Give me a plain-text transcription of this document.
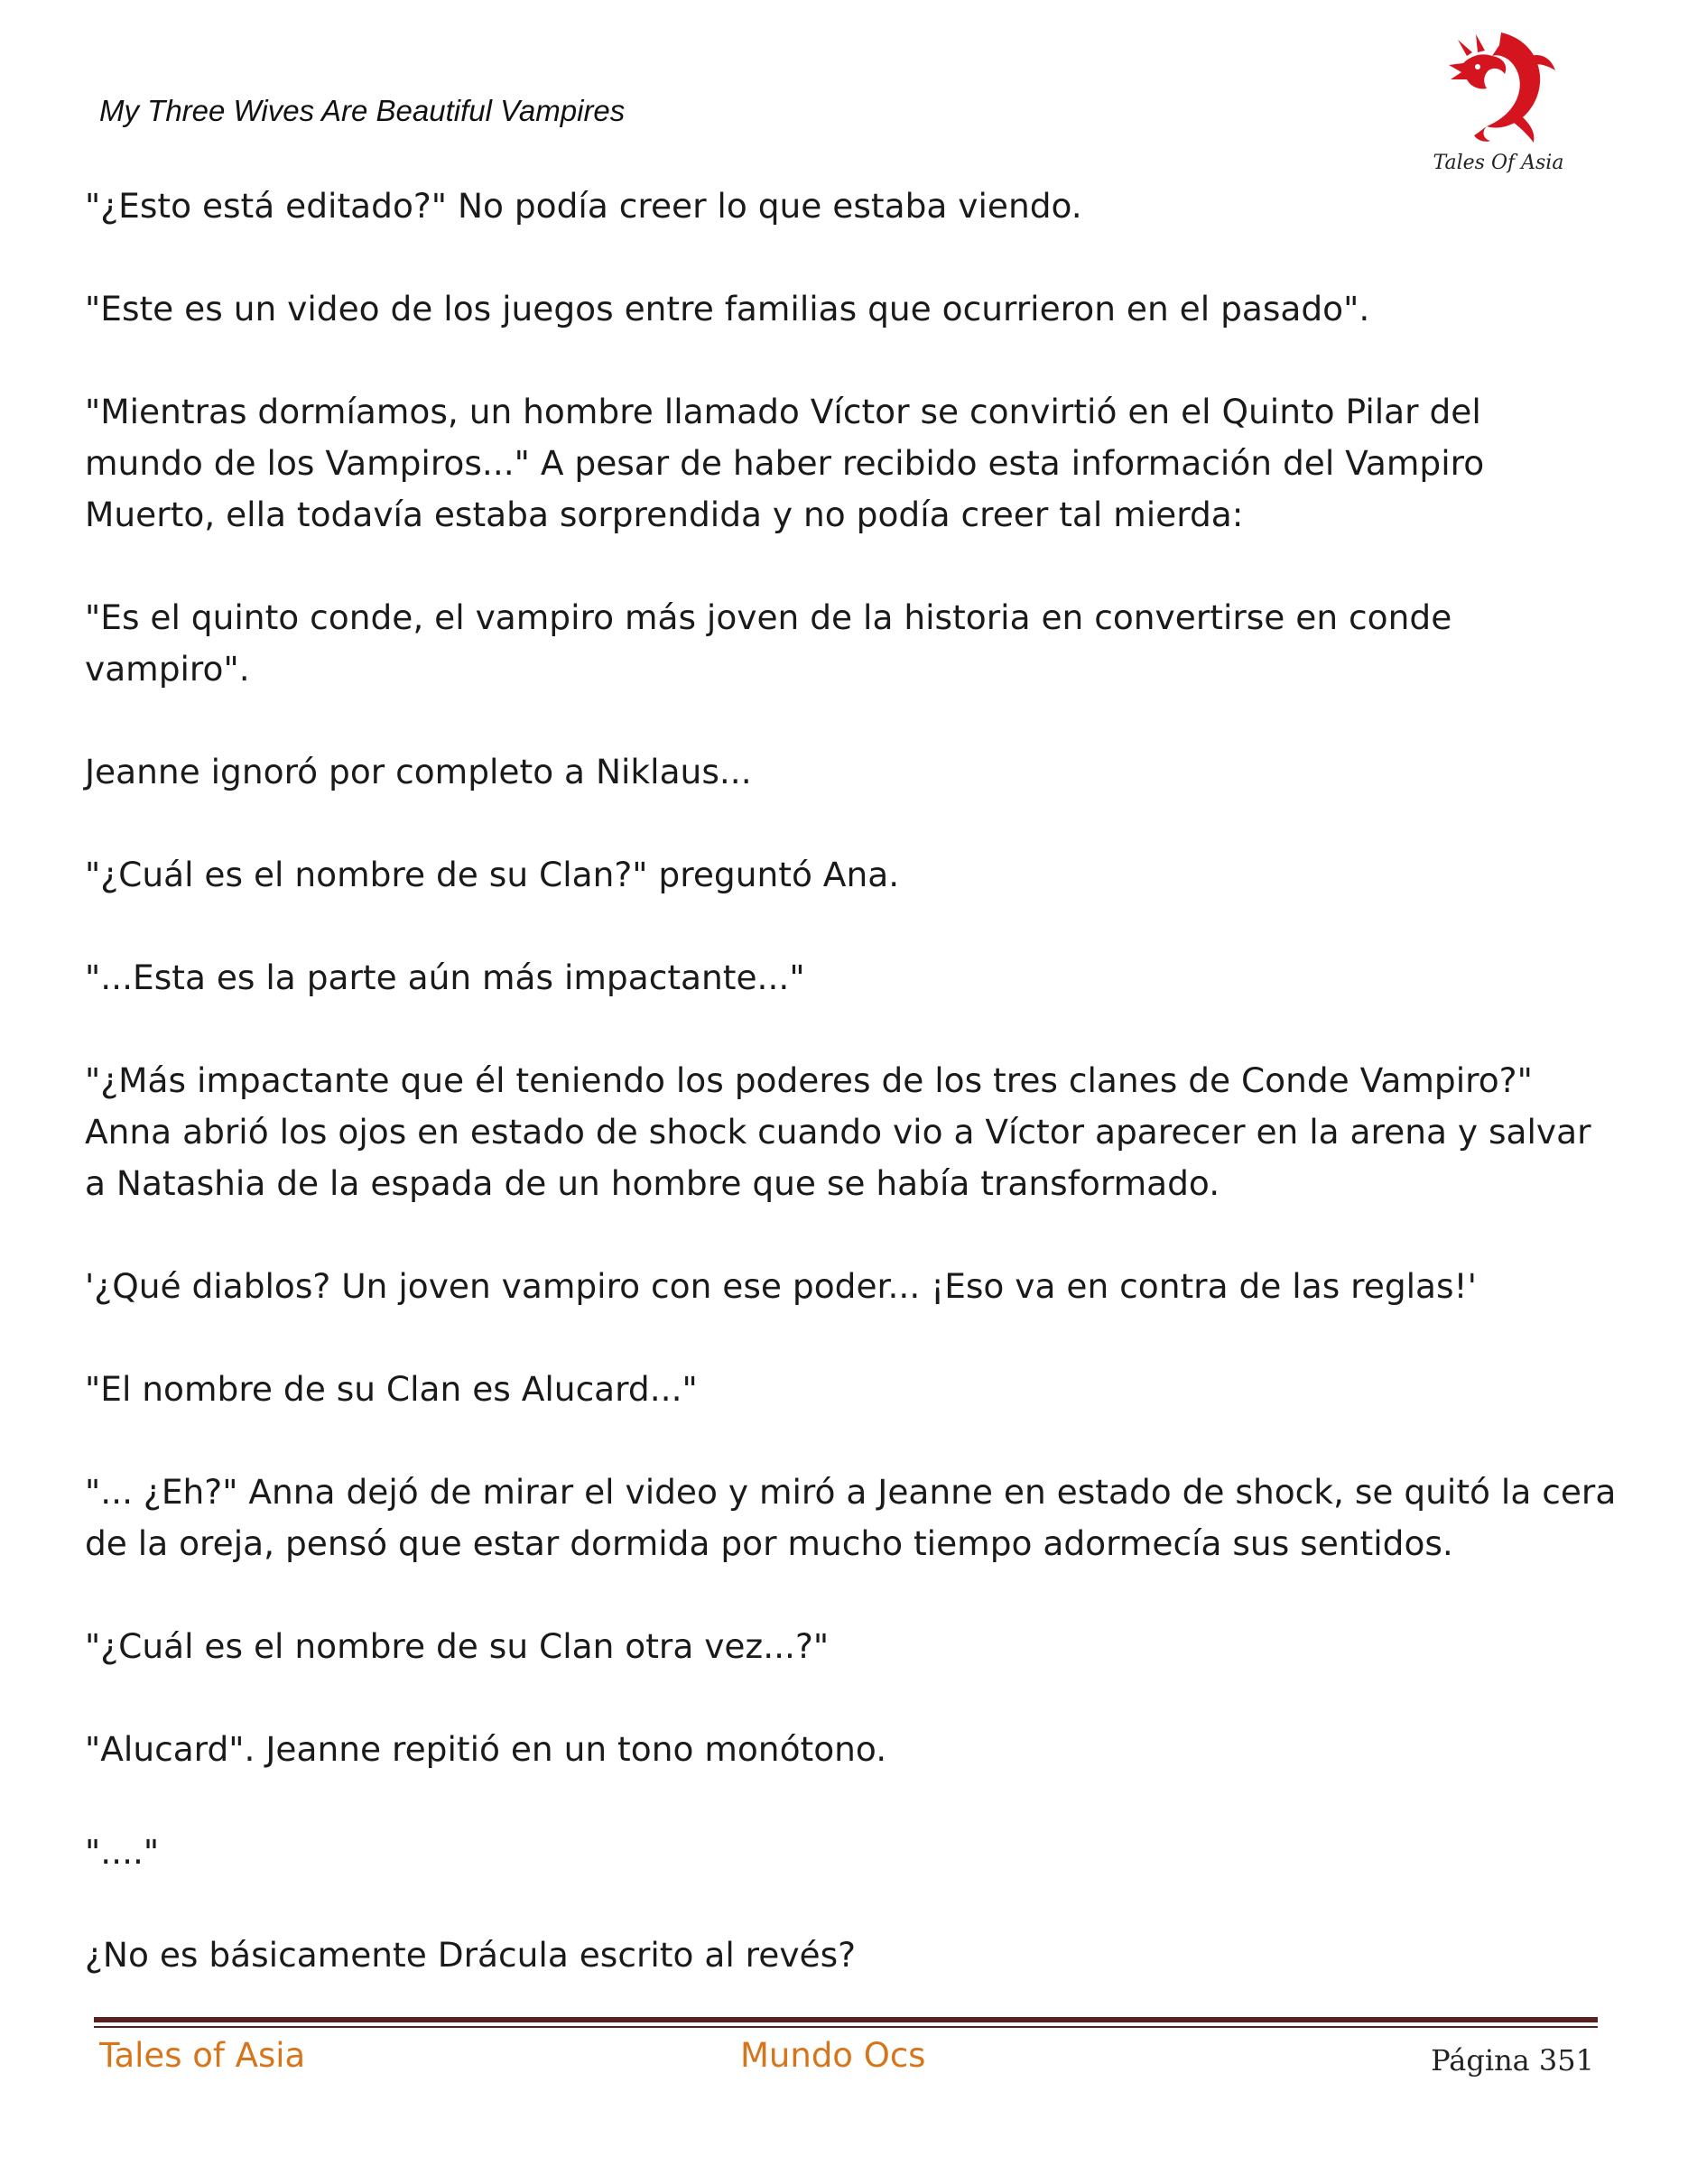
My Three Wives Are Beautiful Vampires
Tales Of Asia

"¿Esto está editado?" No podía creer lo que estaba viendo.

"Este es un video de los juegos entre familias que ocurrieron en el pasado".

"Mientras dormíamos, un hombre llamado Víctor se convirtió en el Quinto Pilar del
mundo de los Vampiros..." A pesar de haber recibido esta información del Vampiro
Muerto, ella todavía estaba sorprendida y no podía creer tal mierda:

"Es el quinto conde, el vampiro más joven de la historia en convertirse en conde
vampiro".

Jeanne ignoró por completo a Niklaus...

"¿Cuál es el nombre de su Clan?" preguntó Ana.

"...Esta es la parte aún más impactante..."

"¿Más impactante que él teniendo los poderes de los tres clanes de Conde Vampiro?"
Anna abrió los ojos en estado de shock cuando vio a Víctor aparecer en la arena y salvar
a Natashia de la espada de un hombre que se había transformado.

'¿Qué diablos? Un joven vampiro con ese poder... ¡Eso va en contra de las reglas!'

"El nombre de su Clan es Alucard..."

"... ¿Eh?" Anna dejó de mirar el video y miró a Jeanne en estado de shock, se quitó la cera
de la oreja, pensó que estar dormida por mucho tiempo adormecía sus sentidos.

"¿Cuál es el nombre de su Clan otra vez...?"

"Alucard". Jeanne repitió en un tono monótono.

"...."

¿No es básicamente Drácula escrito al revés?

Tales of Asia	Mundo Ocs	Página 351
